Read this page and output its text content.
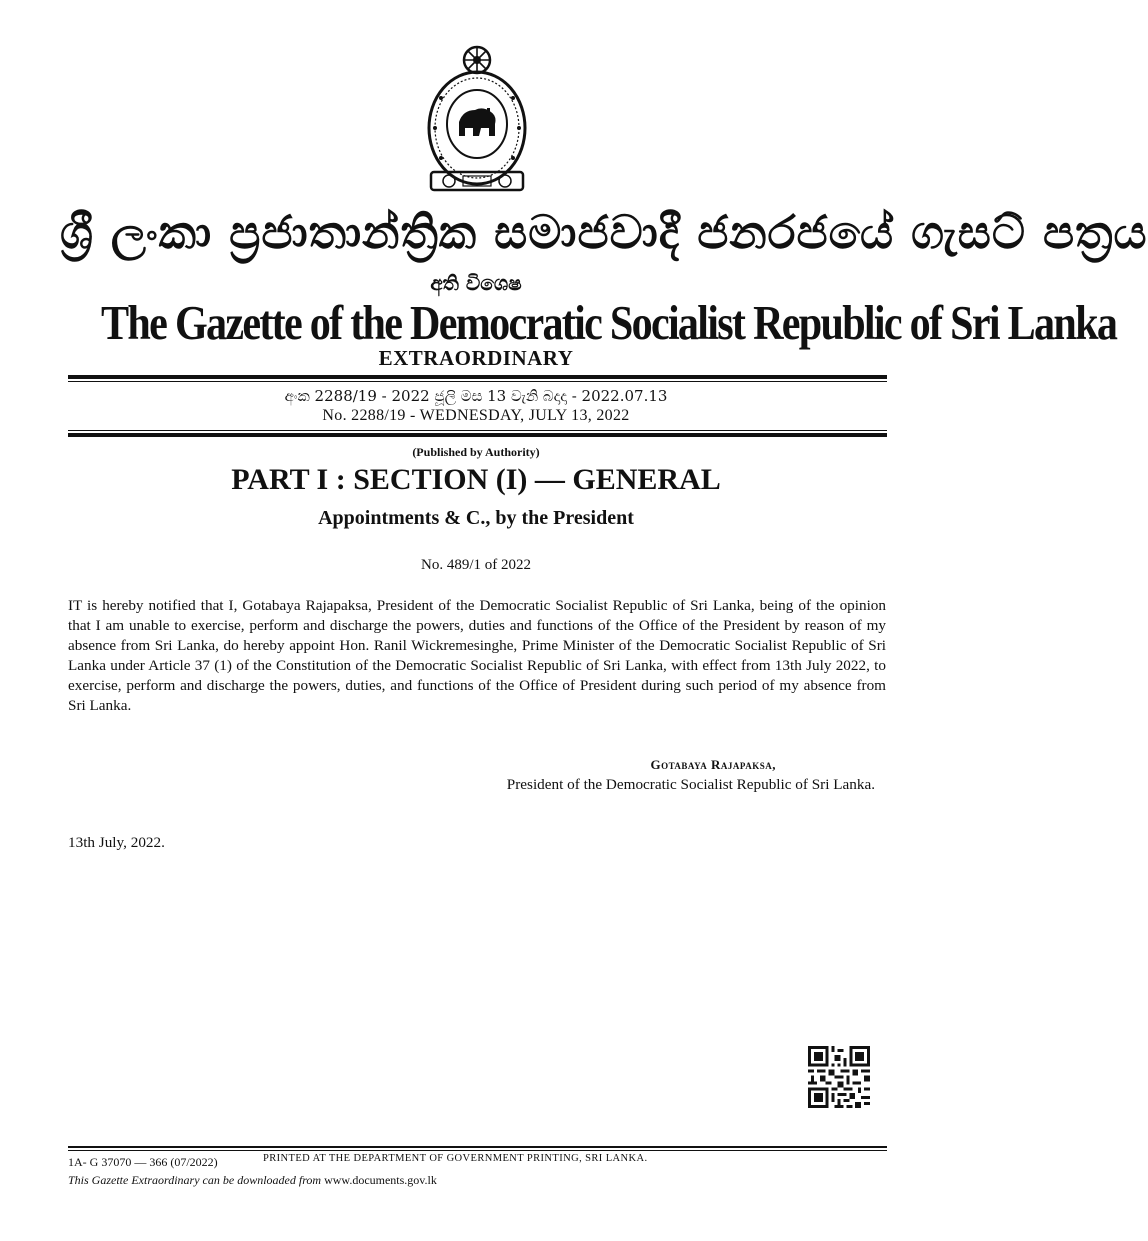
ශ්‍රී ලංකා ප්‍රජාතාන්ත්‍රික සමාජවාදී ජනරජයේ ගැසට් පත්‍රය
අති විශෙෂ
The Gazette of the Democratic Socialist Republic of Sri Lanka
EXTRAORDINARY
අංක 2288/19 - 2022 ජූලි මස 13 වැනි බදාදා - 2022.07.13
No. 2288/19 - WEDNESDAY, JULY 13, 2022
(Published by Authority)
PART I : SECTION (I) — GENERAL
Appointments & C., by the President
No. 489/1 of 2022
IT is hereby notified that I, Gotabaya Rajapaksa, President of the Democratic Socialist Republic of Sri Lanka, being of the opinion that I am unable to exercise, perform and discharge the powers, duties and functions of the Office of the President by reason of my absence from Sri Lanka, do hereby appoint Hon. Ranil Wickremesinghe, Prime Minister of the Democratic Socialist Republic of Sri Lanka under Article 37 (1) of the Constitution of the Democratic Socialist Republic of Sri Lanka, with effect from 13th July 2022, to exercise, perform and discharge the powers, duties, and functions of the Office of President during such period of my absence from Sri Lanka.
Gotabaya Rajapaksa,
President of the Democratic Socialist Republic of Sri Lanka.
13th July, 2022.
1A- G 37070 — 366 (07/2022)	PRINTED AT THE DEPARTMENT OF GOVERNMENT PRINTING, SRI LANKA.
This Gazette Extraordinary can be downloaded from www.documents.gov.lk
